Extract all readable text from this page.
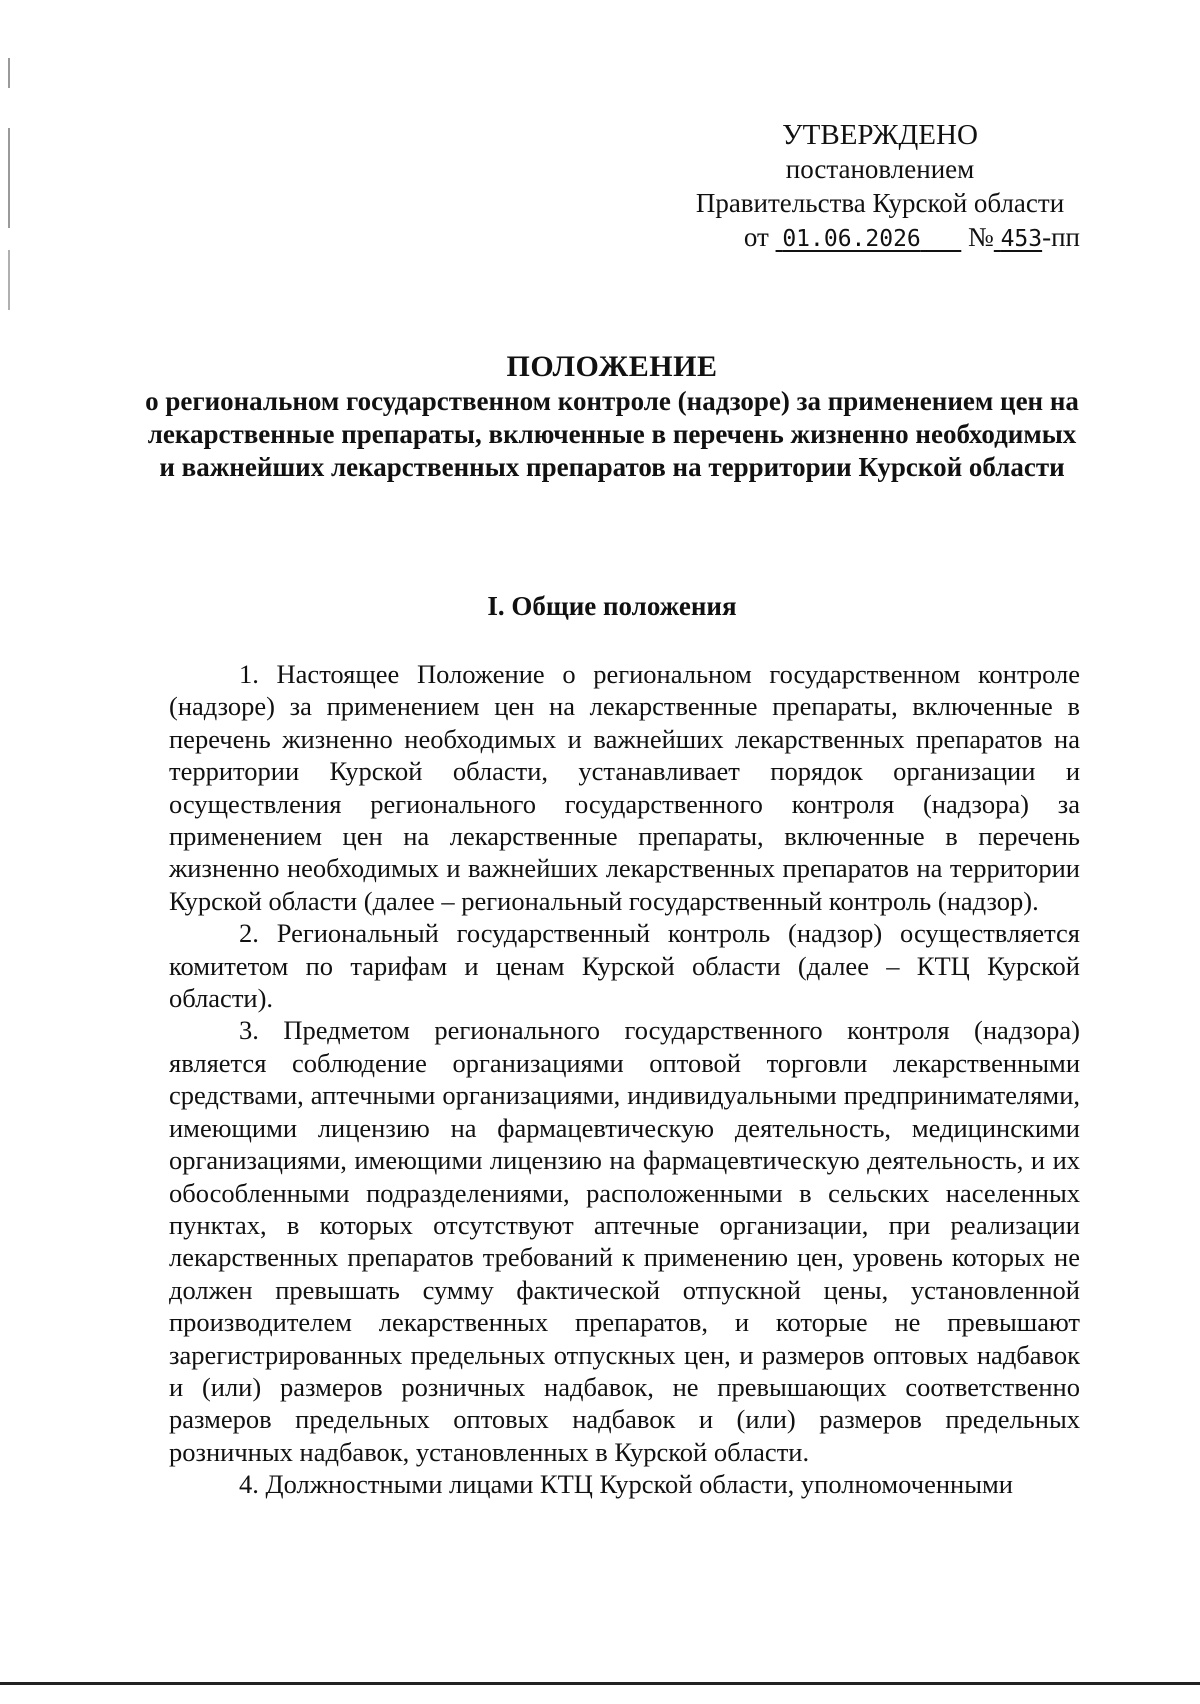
УТВЕРЖДЕНО
постановлением
Правительства Курской области
от 01.06.2026 № 453-пп
ПОЛОЖЕНИЕ
о региональном государственном контроле (надзоре) за применением цен на лекарственные препараты, включенные в перечень жизненно необходимых и важнейших лекарственных препаратов на территории Курской области
I. Общие положения

1. Настоящее Положение о региональном государственном контроле (надзоре) за применением цен на лекарственные препараты, включенные в перечень жизненно необходимых и важнейших лекарственных препаратов на территории Курской области, устанавливает порядок организации и осуществления регионального государственного контроля (надзора) за применением цен на лекарственные препараты, включенные в перечень жизненно необходимых и важнейших лекарственных препаратов на территории Курской области (далее – региональный государственный контроль (надзор).

2. Региональный государственный контроль (надзор) осуществляется комитетом по тарифам и ценам Курской области (далее – КТЦ Курской области).

3. Предметом регионального государственного контроля (надзора) является соблюдение организациями оптовой торговли лекарственными средствами, аптечными организациями, индивидуальными предпринимателями, имеющими лицензию на фармацевтическую деятельность, медицинскими организациями, имеющими лицензию на фармацевтическую деятельность, и их обособленными подразделениями, расположенными в сельских населенных пунктах, в которых отсутствуют аптечные организации, при реализации лекарственных препаратов требований к применению цен, уровень которых не должен превышать сумму фактической отпускной цены, установленной производителем лекарственных препаратов, и которые не превышают зарегистрированных предельных отпускных цен, и размеров оптовых надбавок и (или) размеров розничных надбавок, не превышающих соответственно размеров предельных оптовых надбавок и (или) размеров предельных розничных надбавок, установленных в Курской области.

4. Должностными лицами КТЦ Курской области, уполномоченными
